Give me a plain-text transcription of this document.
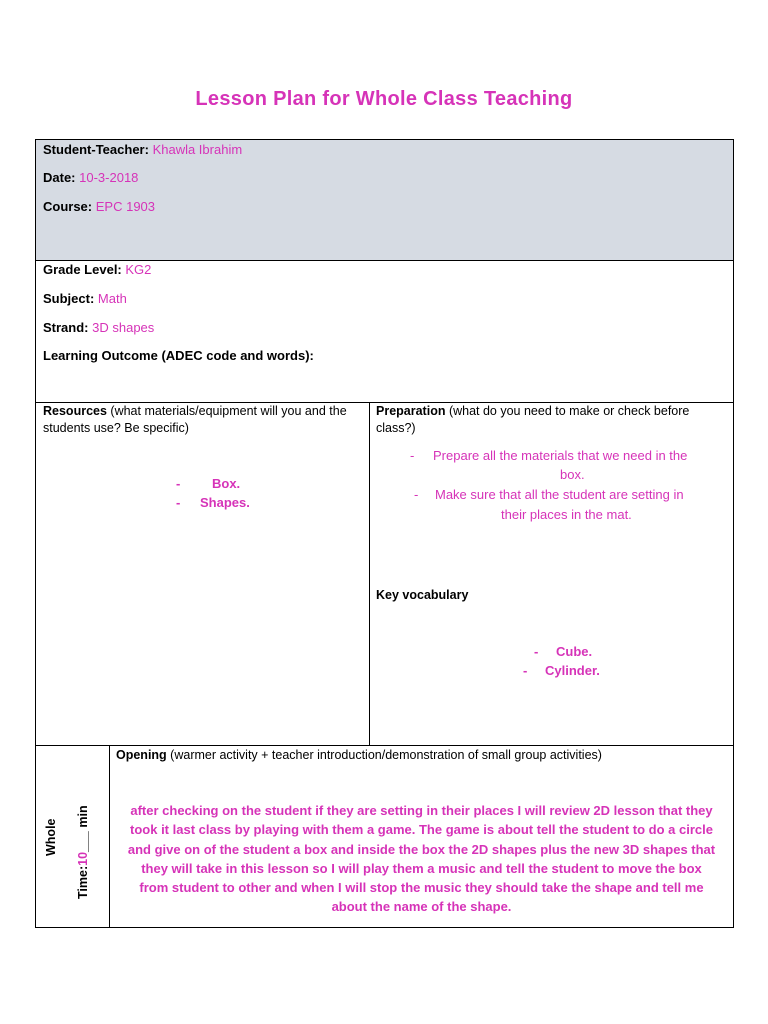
Lesson Plan for Whole Class Teaching
Student-Teacher: Khawla Ibrahim
Date: 10-3-2018
Course: EPC 1903
Grade Level: KG2
Subject: Math
Strand: 3D shapes
Learning Outcome (ADEC code and words):
Resources (what materials/equipment will you and the
students use? Be specific)
- Box.
- Shapes.
Preparation (what do you need to make or check before
class?)
- Prepare all the materials that we need in the
box.
- Make sure that all the student are setting in
their places in the mat.
Key vocabulary
- Cube.
- Cylinder.
Whole
Time:10___ min
Opening (warmer activity + teacher introduction/demonstration of small group activities)
after checking on the student if they are setting in their places I will review 2D lesson that they
took it last class by playing with them a game. The game is about tell the student to do a circle
and give on of the student a box and inside the box the 2D shapes plus the new 3D shapes that
they will take in this lesson so I will play them a music and tell the student to move the box
from student to other and when I will stop the music they should take the shape and tell me
about the name of the shape.
